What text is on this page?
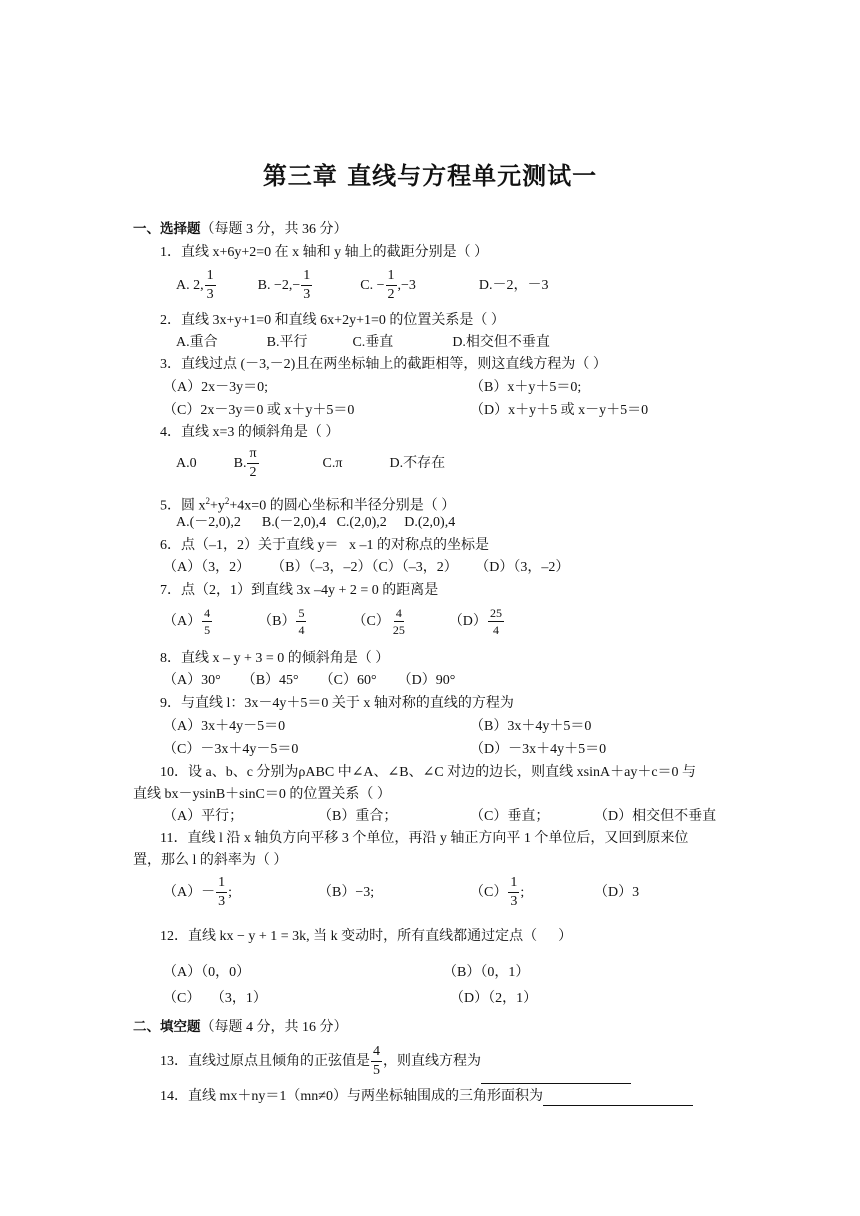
第三章 直线与方程单元测试一
一、选择题（每题 3 分，共 36 分）
1．直线 x+6y+2=0 在 x 轴和 y 轴上的截距分别是（ ）
A. 2, $\frac{1}{3}$	B. $-2,- \frac{1}{3}$	C. − $\frac{1}{2} ,-3$	D.－2，－3
2．直线 3x+y+1=0 和直线 6x+2y+1=0 的位置关系是（ ）
A.重合	B.平行	C.垂直	D.相交但不垂直
3．直线过点 (－3,－2)且在两坐标轴上的截距相等，则这直线方程为（ ）
（A）2x－3y＝0;	（B）x＋y＋5＝0;
（C）2x－3y＝0 或 x＋y＋5＝0	（D）x＋y＋5 或 x－y＋5＝0
4．直线 x=3 的倾斜角是（ ）
A.0	B. $\frac{\pi}{2}$	C.π	D.不存在
5．圆 $x^2+y^2+4x=0$ 的圆心坐标和半径分别是（ ）
A.(－2,0),2      B.(－2,0),4   C.(2,0),2     D.(2,0),4
6．点（–1，2）关于直线 y＝   x –1 的对称点的坐标是
（A）（3，2）      （B）（–3，–2）（C）（–3，2）     （D）（3，–2）
7．点（2，1）到直线 3x –4y + 2 = 0 的距离是
$(A) \frac{4}{5}$	$(B) \frac{5}{4}$	$(C) \frac{4}{25}$	$(D) \frac{25}{4}$
8．直线 x – y + 3 = 0 的倾斜角是（ ）
（A）30°      （B）45°      （C）60°      （D）90°
9．与直线 l：3x－4y＋5＝0 关于 x 轴对称的直线的方程为
（A）3x＋4y－5＝0	（B）3x＋4y＋5＝0
（C）－3x＋4y－5＝0	（D）－3x＋4y＋5＝0
10．设 a、b、c 分别为ρABC 中∠A、∠B、∠C 对边的边长，则直线 xsinA＋ay＋c＝0 与
直线 bx－ysinB＋sinC＝0 的位置关系（ ）
（A）平行；	（B）重合；	（C）垂直；	（D）相交但不垂直
11．直线 l 沿 x 轴负方向平移 3 个单位，再沿 y 轴正方向平 1 个单位后，又回到原来位
置，那么 l 的斜率为（ ）
$(A)- \frac{1}{3}$ ;	（B）−3;	$(C) \frac{1}{3}$ ;	（D）3
12．直线 kx − y + 1 = 3k, 当 k 变动时，所有直线都通过定点（      ）
（A）（0，0）	（B）（0，1）
（C）   （3，1）	（D）（2，1）
二、填空题（每题 4 分，共 16 分）
13．直线过原点且倾角的正弦值是 $\frac{4}{5}$ ，则直线方程为
14．直线 mx＋ny＝1（mn≠0）与两坐标轴围成的三角形面积为
